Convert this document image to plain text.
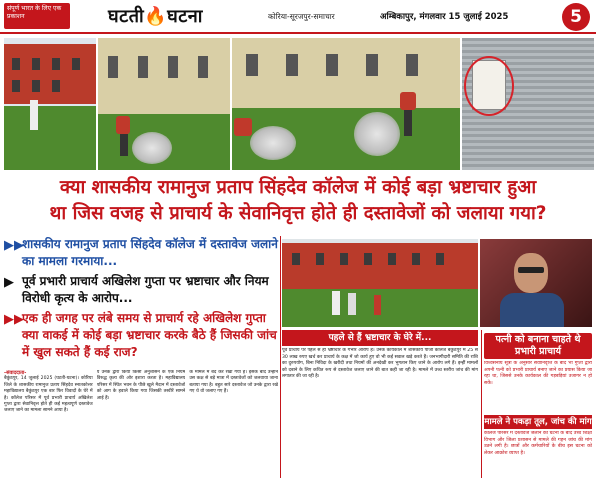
संपूर्ण भारत के लिए एक प्रकाशन	घटती🔥घटना	कोरिया-सूरजपुर-समाचार	अम्बिकापुर, मंगलवार 15 जुलाई 2025	5

क्या शासकीय रामानुज प्रताप सिंहदेव कॉलेज में कोई बड़ा भ्रष्टाचार हुआ

था जिस वजह से प्राचार्य के सेवानिवृत्त होते ही दस्तावेजों को जलाया गया?

▶▶
शासकीय रामानुज प्रताप सिंहदेव कॉलेज में दस्तावेज जलाने का मामला गरमाया...
▶ पूर्व प्रभारी प्राचार्य अखिलेश गुप्ता पर भ्रष्टाचार और नियम विरोधी कृत्य के आरोप...
▶▶
एक ही जगह पर लंबे समय से प्राचार्य रहे अखिलेश गुप्ता क्या वाकई में कोई बड़ा भ्रष्टाचार करके बैठे हैं जिसकी जांच में खुल सकते हैं कई राज?
-संवाददाता-
बैकुंठपुर, 14 जुलाई 2025 (घटती-घटना)। कोरिया जिले के शासकीय रामानुज प्रताप सिंहदेव स्नातकोत्तर महाविद्यालय बैकुंठपुर एक बार फिर विवादों के घेरे में है। कॉलेज परिसर में पूर्व प्रभारी प्राचार्य अखिलेश गुप्ता द्वारा सेवानिवृत्त होते ही कई महत्वपूर्ण दस्तावेज जलाए जाने का मामला सामने आया है।
ये उनके द्वारा किया किसी अनुशासन के एक नियम विरुद्ध कृत्य की ओर इशारा करता है। महाविद्यालय परिसर में स्थित भवन के पीछे खुले मैदान में दस्तावेजों को आग के हवाले किया गया जिसकी तस्वीरें सामने आई हैं।
के मामले में बंद कर रखा गया है। इसके बाद उन्होंने उस कक्ष से बड़े मात्रा में दस्तावेजों को जलवाया जाना बताया गया है। बहुत सारे दस्तावेज जो उनके द्वारा रखे गए थे वो जलाए गए हैं।
पहले से हैं भ्रष्टाचार के घेरे में...
पूर्व प्राचार्य पर पहले से ही भ्रष्टाचार के गंभीर आरोप हैं। उनके कार्यकाल में शासकीय पीजी कॉलेज बैकुंठपुर में 25 से 30 लाख रुपए खर्च कर प्राचार्य के कक्ष में जो कार्य हुए वो भी कई सवाल खड़े करते हैं। जनभागीदारी समिति की राशि का दुरुपयोग, बिना निविदा के खरीदी तथा नियमों की अनदेखी कर भुगतान किए जाने के आरोप लगे हैं। इन्हीं मामलों को दबाने के लिए कथित रूप से दस्तावेज जलाए जाने की बात कही जा रही है। मामले में उच्च स्तरीय जांच की मांग लगातार की जा रही है।
पत्नी को बनाना चाहते थे प्रभारी प्राचार्य
विश्वसनीय सूत्रों के अनुसार सेवानिवृत्ति के बाद भी गुप्ता द्वारा अपनी पत्नी को प्रभारी प्राचार्य बनाए जाने का प्रयास किया जा रहा था, जिससे उनके कार्यकाल की गड़बड़ियां उजागर न हो सकें।
मामले ने पकड़ा तूल, जांच की मांग
कॉलेज परिसर में दस्तावेज जलाने की घटना के बाद उच्च शिक्षा विभाग और जिला प्रशासन से मामले की गहन जांच की मांग उठने लगी है। छात्रों और कर्मचारियों के बीच इस घटना को लेकर आक्रोश व्याप्त है।
